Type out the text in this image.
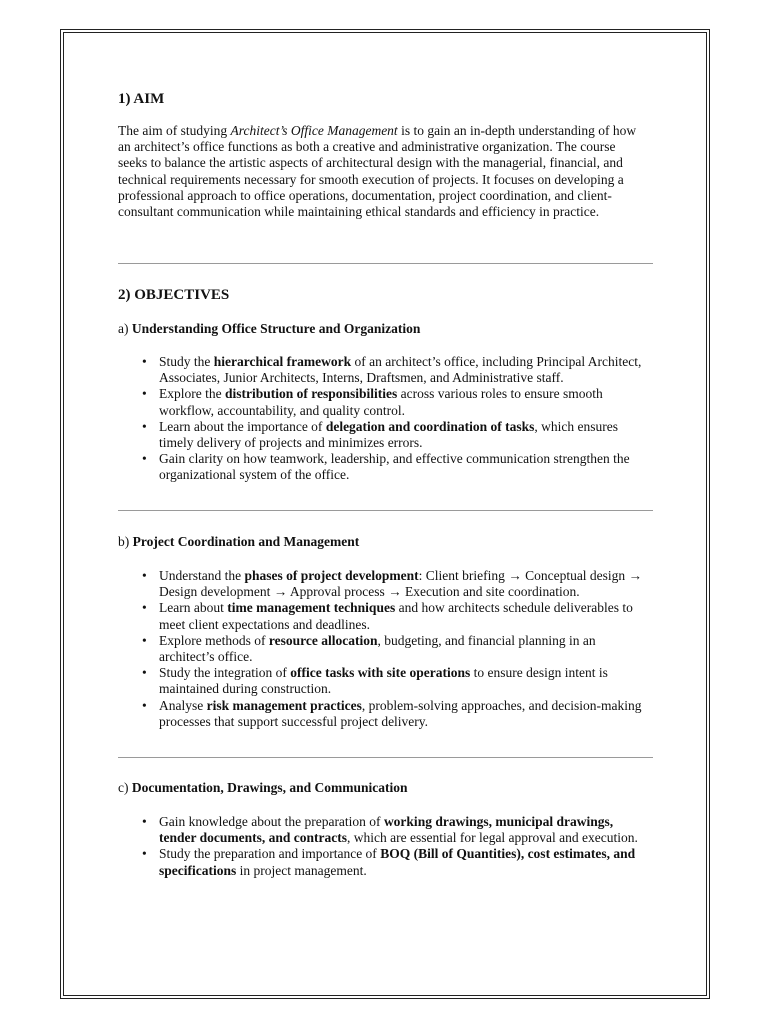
1) AIM

The aim of studying Architect’s Office Management is to gain an in-depth understanding of how an architect’s office functions as both a creative and administrative organization. The course seeks to balance the artistic aspects of architectural design with the managerial, financial, and technical requirements necessary for smooth execution of projects. It focuses on developing a professional approach to office operations, documentation, project coordination, and client-consultant communication while maintaining ethical standards and efficiency in practice.

2) OBJECTIVES

a) Understanding Office Structure and Organization

• Study the hierarchical framework of an architect’s office, including Principal Architect, Associates, Junior Architects, Interns, Draftsmen, and Administrative staff.
• Explore the distribution of responsibilities across various roles to ensure smooth workflow, accountability, and quality control.
• Learn about the importance of delegation and coordination of tasks, which ensures timely delivery of projects and minimizes errors.
• Gain clarity on how teamwork, leadership, and effective communication strengthen the organizational system of the office.

b) Project Coordination and Management

• Understand the phases of project development: Client briefing → Conceptual design → Design development → Approval process → Execution and site coordination.
• Learn about time management techniques and how architects schedule deliverables to meet client expectations and deadlines.
• Explore methods of resource allocation, budgeting, and financial planning in an architect’s office.
• Study the integration of office tasks with site operations to ensure design intent is maintained during construction.
• Analyse risk management practices, problem-solving approaches, and decision-making processes that support successful project delivery.

c) Documentation, Drawings, and Communication

• Gain knowledge about the preparation of working drawings, municipal drawings, tender documents, and contracts, which are essential for legal approval and execution.
• Study the preparation and importance of BOQ (Bill of Quantities), cost estimates, and specifications in project management.
